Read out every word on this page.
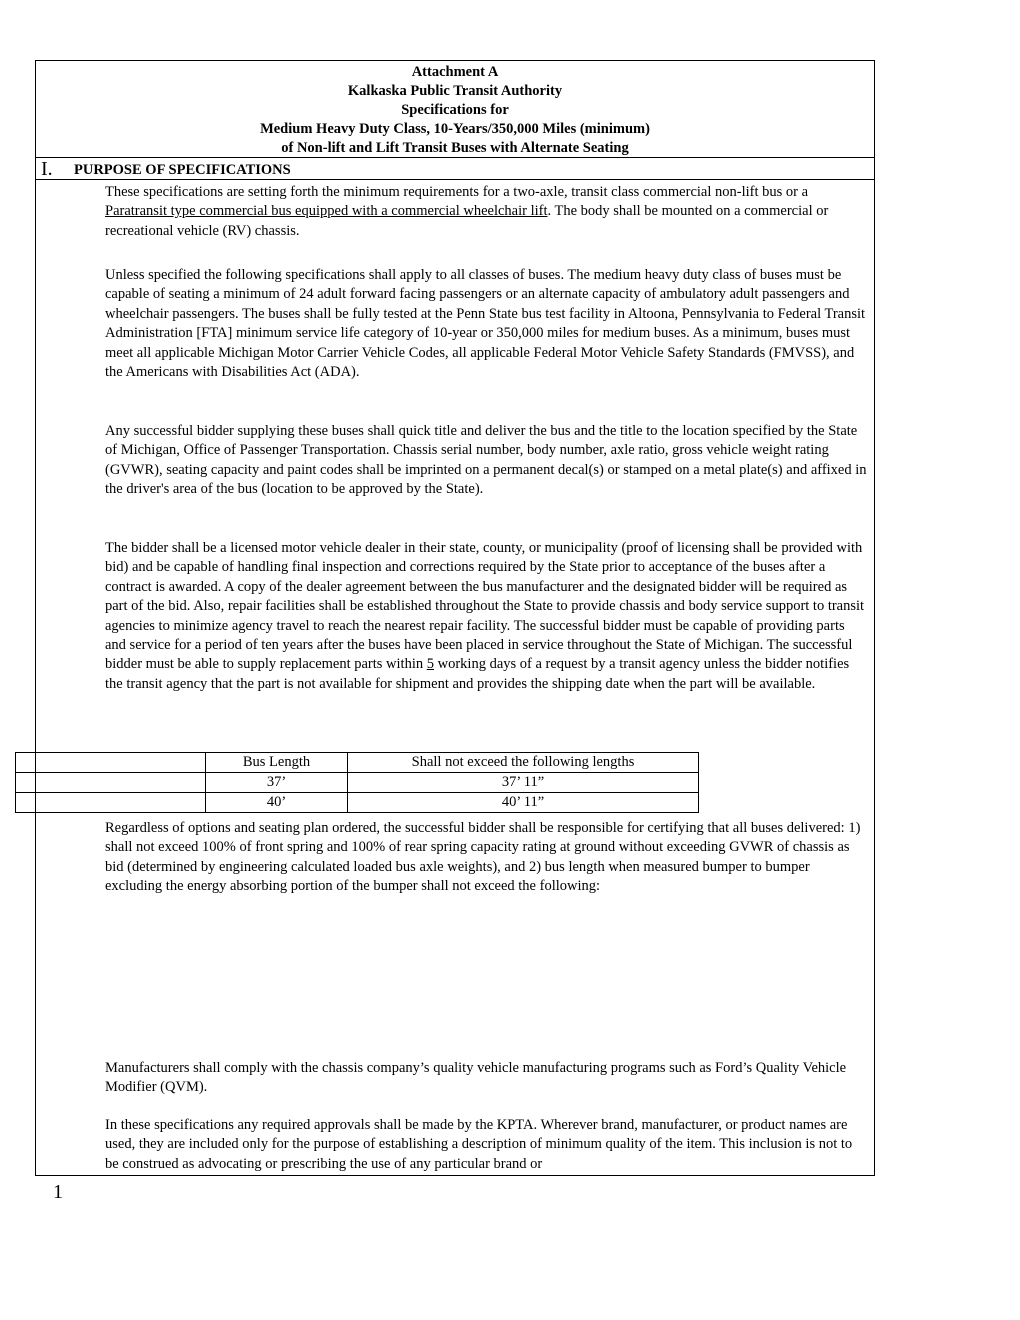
Attachment A
Kalkaska Public Transit Authority
Specifications for
Medium Heavy Duty Class, 10-Years/350,000 Miles (minimum)
of Non-lift and Lift Transit Buses with Alternate Seating
I. PURPOSE OF SPECIFICATIONS
These specifications are setting forth the minimum requirements for a two-axle, transit class commercial non-lift bus or a Paratransit type commercial bus equipped with a commercial wheelchair lift. The body shall be mounted on a commercial or recreational vehicle (RV) chassis.
Unless specified the following specifications shall apply to all classes of buses. The medium heavy duty class of buses must be capable of seating a minimum of 24 adult forward facing passengers or an alternate capacity of ambulatory adult passengers and wheelchair passengers. The buses shall be fully tested at the Penn State bus test facility in Altoona, Pennsylvania to Federal Transit Administration [FTA] minimum service life category of 10-year or 350,000 miles for medium buses. As a minimum, buses must meet all applicable Michigan Motor Carrier Vehicle Codes, all applicable Federal Motor Vehicle Safety Standards (FMVSS), and the Americans with Disabilities Act (ADA).
Any successful bidder supplying these buses shall quick title and deliver the bus and the title to the location specified by the State of Michigan, Office of Passenger Transportation. Chassis serial number, body number, axle ratio, gross vehicle weight rating (GVWR), seating capacity and paint codes shall be imprinted on a permanent decal(s) or stamped on a metal plate(s) and affixed in the driver's area of the bus (location to be approved by the State).
The bidder shall be a licensed motor vehicle dealer in their state, county, or municipality (proof of licensing shall be provided with bid) and be capable of handling final inspection and corrections required by the State prior to acceptance of the buses after a contract is awarded. A copy of the dealer agreement between the bus manufacturer and the designated bidder will be required as part of the bid. Also, repair facilities shall be established throughout the State to provide chassis and body service support to transit agencies to minimize agency travel to reach the nearest repair facility. The successful bidder must be capable of providing parts and service for a period of ten years after the buses have been placed in service throughout the State of Michigan. The successful bidder must be able to supply replacement parts within 5 working days of a request by a transit agency unless the bidder notifies the transit agency that the part is not available for shipment and provides the shipping date when the part will be available.
Regardless of options and seating plan ordered, the successful bidder shall be responsible for certifying that all buses delivered: 1) shall not exceed 100% of front spring and 100% of rear spring capacity rating at ground without exceeding GVWR of chassis as bid (determined by engineering calculated loaded bus axle weights), and 2) bus length when measured bumper to bumper excluding the energy absorbing portion of the bumper shall not exceed the following:
Manufacturers shall comply with the chassis company’s quality vehicle manufacturing programs such as Ford’s Quality Vehicle Modifier (QVM).
In these specifications any required approvals shall be made by the KPTA. Wherever brand, manufacturer, or product names are used, they are included only for the purpose of establishing a description of minimum quality of the item. This inclusion is not to be construed as advocating or prescribing the use of any particular brand or
	Bus Length	Shall not exceed the following lengths
	37’	37’ 11”
	40’	40’ 11”
1
